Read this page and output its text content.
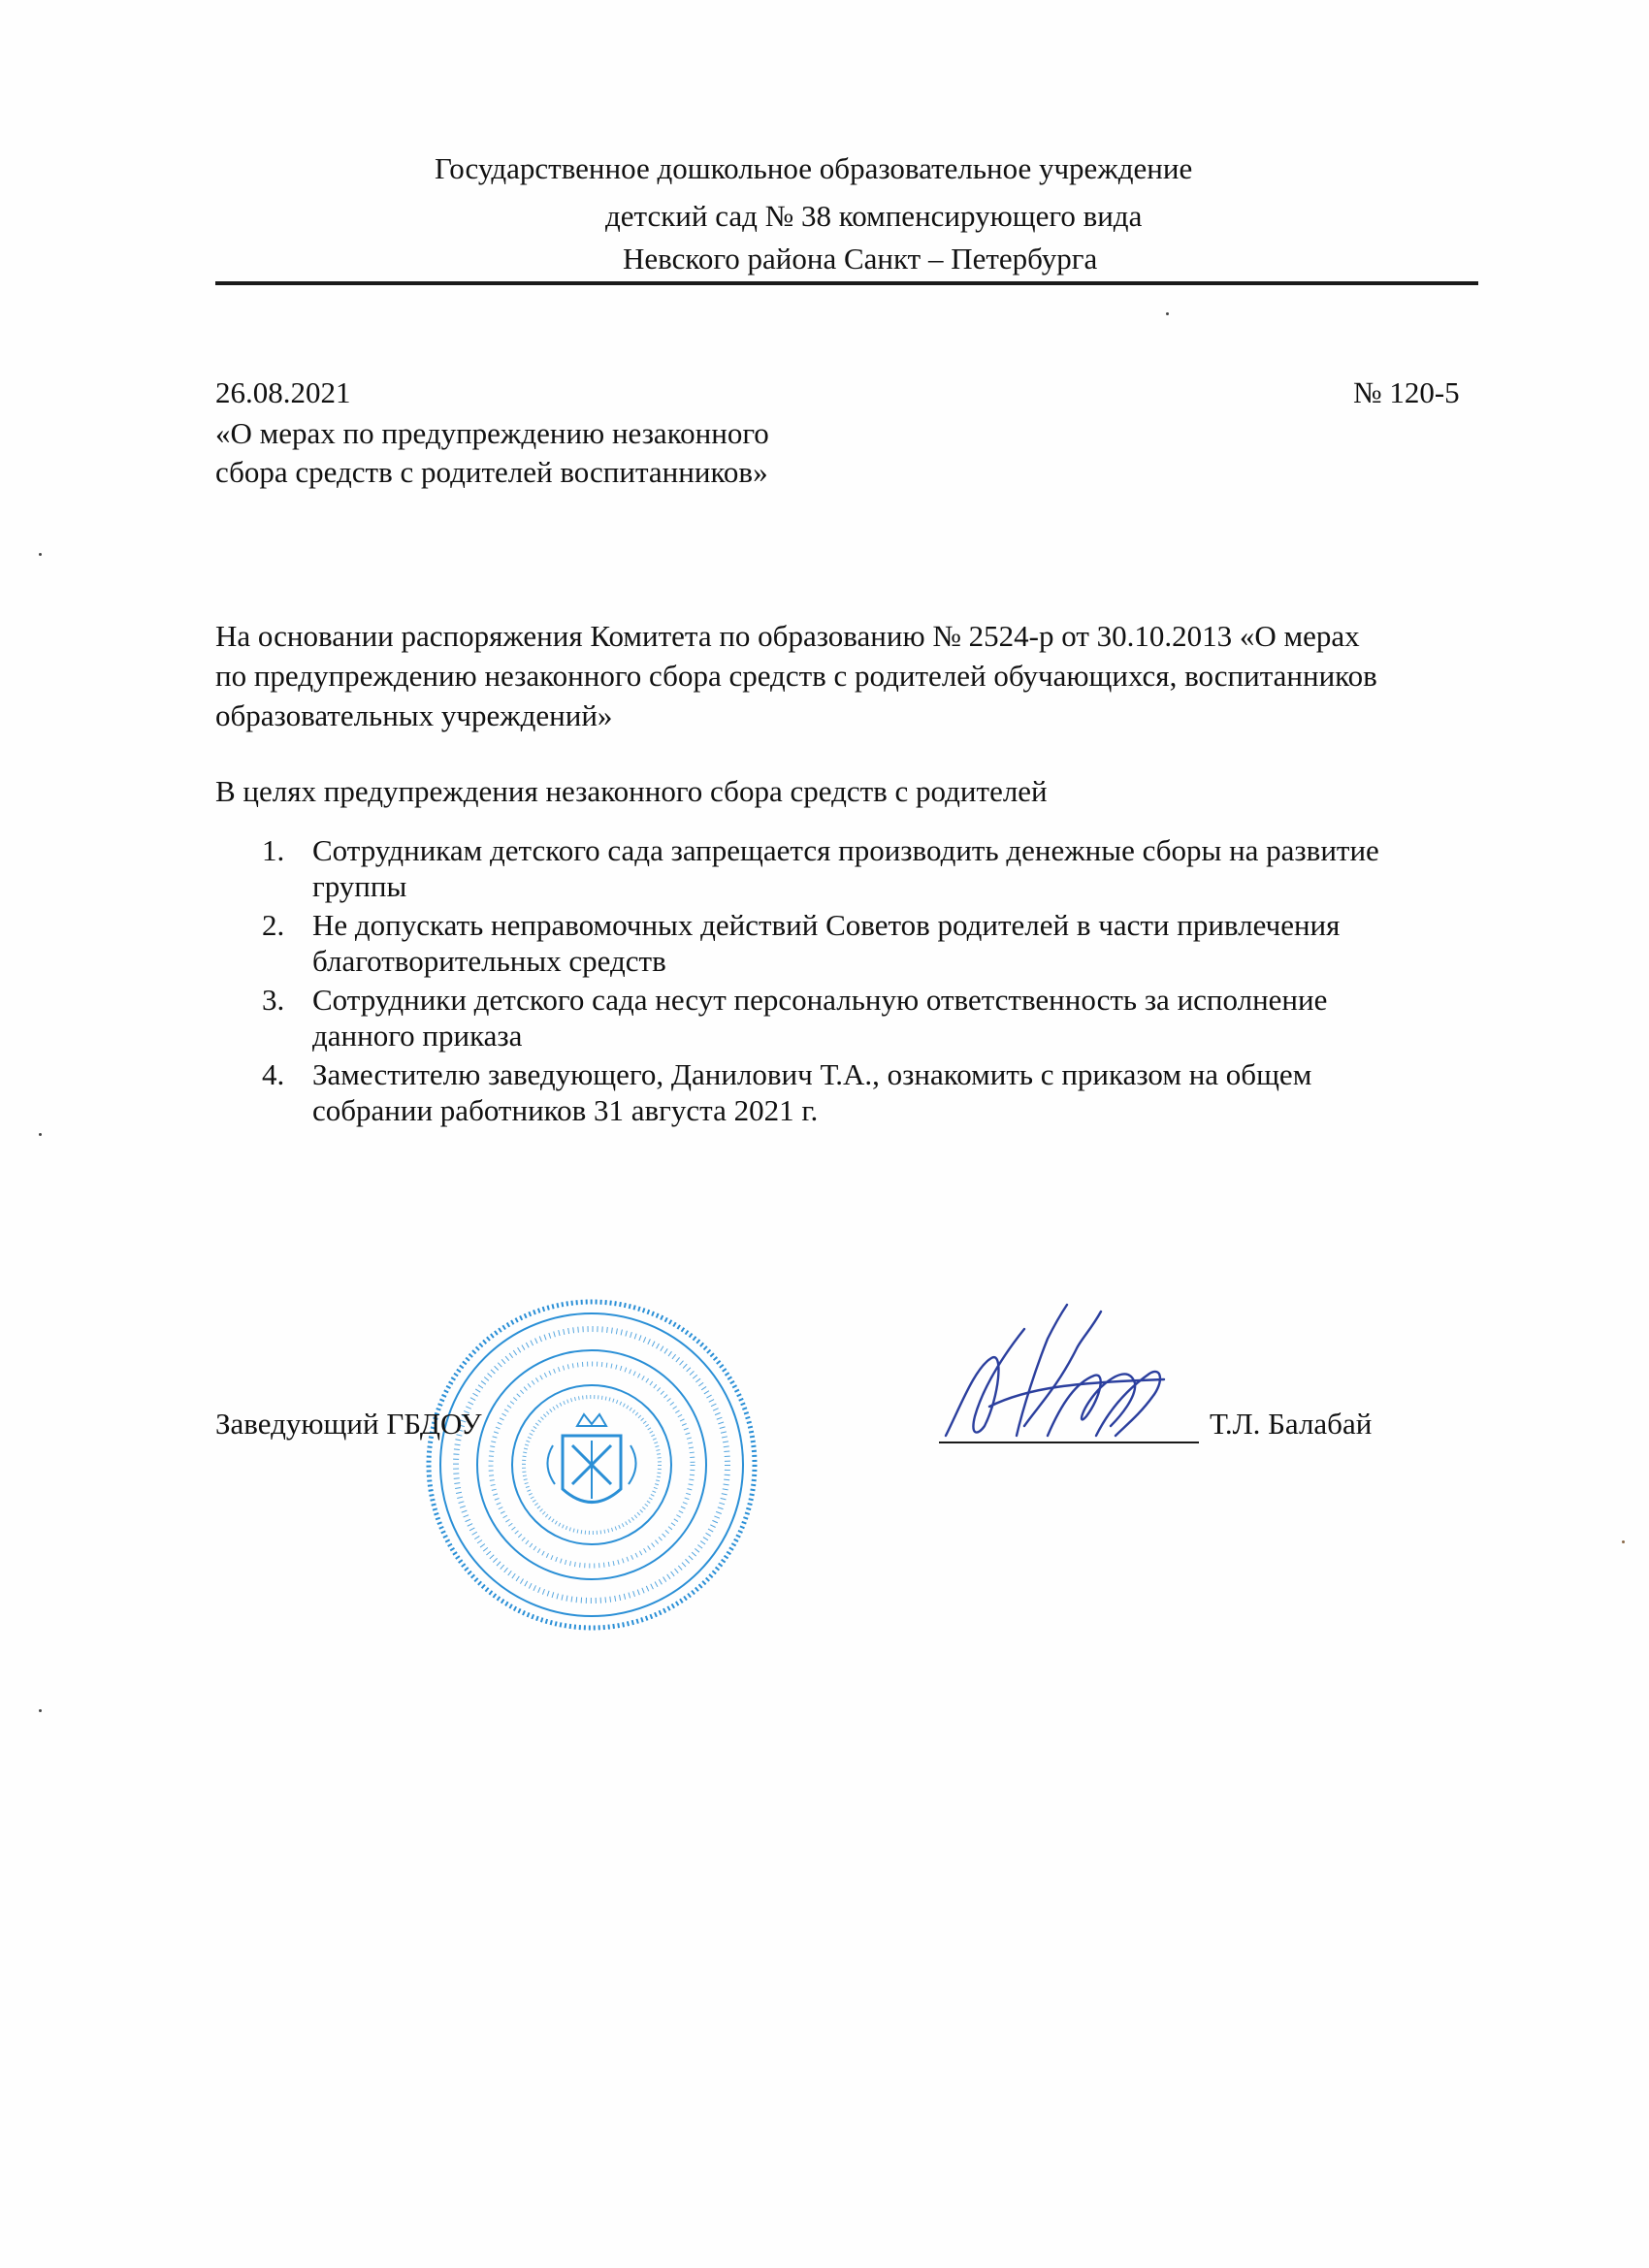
Государственное дошкольное образовательное учреждение
детский сад № 38 компенсирующего вида
Невского района Санкт – Петербурга
26.08.2021	№ 120-5
«О мерах по предупреждению незаконного
сбора средств с родителей воспитанников»
На основании распоряжения Комитета по образованию № 2524-р от 30.10.2013 «О мерах
по предупреждению незаконного сбора средств с родителей обучающихся, воспитанников
образовательных учреждений»
В целях предупреждения незаконного сбора средств с родителей
1. Сотрудникам детского сада запрещается производить денежные сборы на развитие
группы
2. Не допускать неправомочных действий Советов родителей в части привлечения
благотворительных средств
3. Сотрудники детского сада несут персональную ответственность за исполнение
данного приказа
4. Заместителю заведующего, Данилович Т.А., ознакомить с приказом на общем
собрании работников 31 августа 2021 г.
Заведующий ГБДОУ	Т.Л. Балабай
